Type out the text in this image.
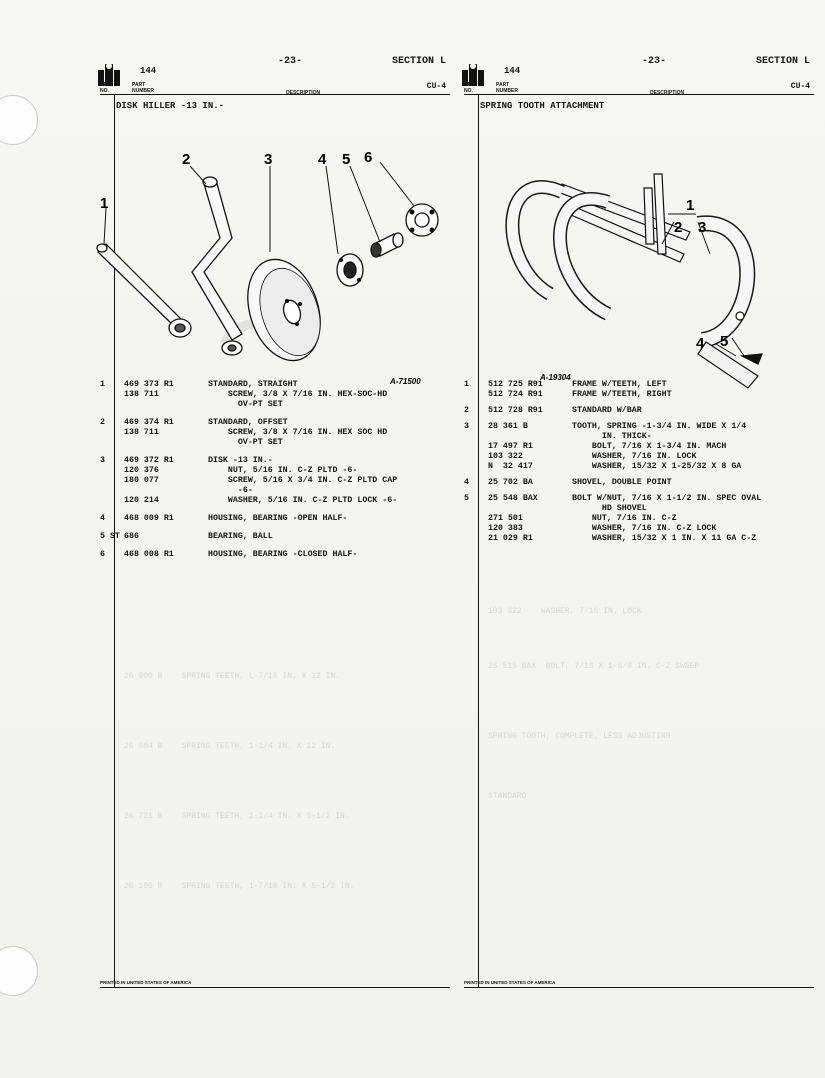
144
-23-	SECTION L
CU-4
REF.
NO.
PART
NUMBER	DESCRIPTION
DISK HILLER -13 IN.-
1
2	3	4 5 6
A-71500
1 469 373 R1	STANDARD, STRAIGHT
138 711	SCREW, 3/8 X 7/16 IN. HEX-SOC-HD
OV-PT SET
2 469 374 R1	STANDARD, OFFSET
138 711	SCREW, 3/8 X 7/16 IN. HEX SOC HD
OV-PT SET
3 469 372 R1	DISK -13 IN.-
120 376	NUT, 5/16 IN. C-Z PLTD -6-
180 077	SCREW, 5/16 X 3/4 IN. C-Z PLTD CAP
-6-
120 214	WASHER, 5/16 IN. C-Z PLTD LOCK -6-
4 468 009 R1	HOUSING, BEARING -OPEN HALF-
5 ST 686	BEARING, BALL
6 468 008 R1	HOUSING, BEARING -CLOSED HALF-
26 900 B    SPRING TEETH, L-7/16 IN. X 12 IN.
26 604 B    SPRING TEETH, 1-1/4 IN. X 12 IN.
26 721 B    SPRING TEETH, 1-1/4 IN. X 5-1/2 IN.
26 105 B    SPRING TEETH, 1-7/16 IN. X 5-1/2 IN.
PRINTED IN UNITED STATES OF AMERICA
144
-23-	SECTION L
CU-4
REF.
NO.
PART
NUMBER	DESCRIPTION
SPRING TOOTH ATTACHMENT
1
2 3
4 5
A-19304
1 512 725 R91	FRAME W/TEETH, LEFT
512 724 R91	FRAME W/TEETH, RIGHT
2 512 728 R91	STANDARD W/BAR
3 28 361 B	TOOTH, SPRING -1-3/4 IN. WIDE X 1/4
IN. THICK-
17 497 R1	BOLT, 7/16 X 1-3/4 IN. MACH
103 322	WASHER, 7/16 IN. LOCK
N  32 417	WASHER, 15/32 X 1-25/32 X 8 GA
4 25 702 BA	SHOVEL, DOUBLE POINT
5 25 548 BAX	BOLT W/NUT, 7/16 X 1-1/2 IN. SPEC OVAL
HD SHOVEL
271 501	NUT, 7/16 IN. C-Z
120 383	WASHER, 7/16 IN. C-Z LOCK
21 029 R1	WASHER, 15/32 X 1 IN. X 11 GA C-Z
103 322    WASHER, 7/16 IN. LOCK
25 515 BAX  BOLT, 7/16 X 1-5/8 IN. C-Z SWEEP
SPRING TOOTH, COMPLETE, LESS ADJUSTING
STANDARD
PRINTED IN UNITED STATES OF AMERICA
